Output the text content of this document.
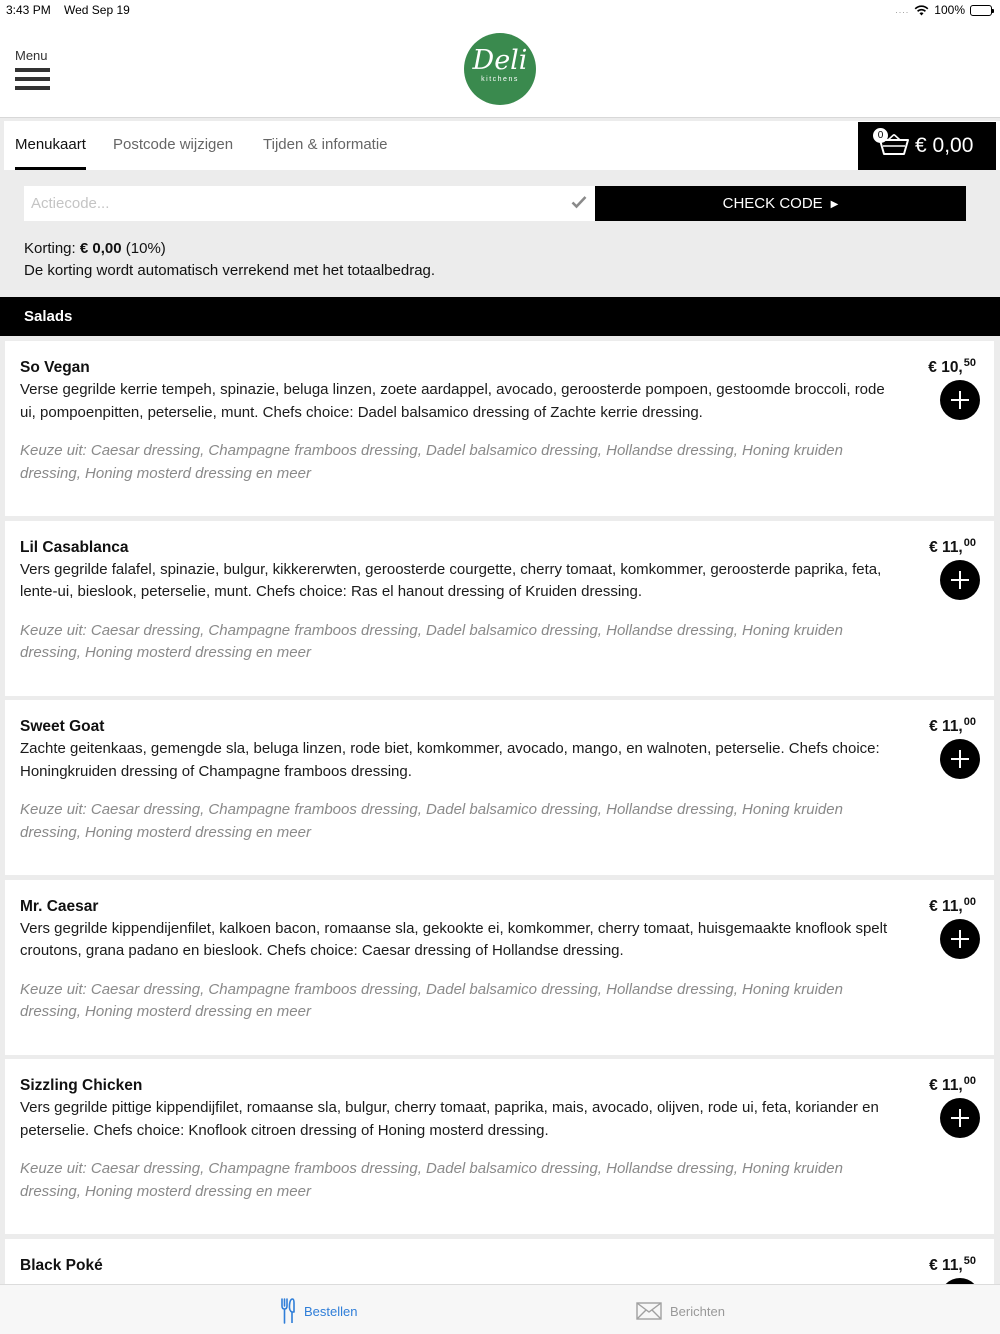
3:43 PM Wed Sep 19	.... 100%
Menu	Deli
kitchens
Menukaart Postcode wijzigen Tijden & informatie
0 € 0,00
Actiecode...
CHECK CODE ▶
Korting: € 0,00 (10%)
De korting wordt automatisch verrekend met het totaalbedrag.
Salads
So Vegan
Verse gegrilde kerrie tempeh, spinazie, beluga linzen, zoete aardappel, avocado, geroosterde pompoen, gestoomde broccoli, rode ui, pompoenpitten, peterselie, munt. Chefs choice: Dadel balsamico dressing of Zachte kerrie dressing.
Keuze uit: Caesar dressing, Champagne framboos dressing, Dadel balsamico dressing, Hollandse dressing, Honing kruiden dressing, Honing mosterd dressing en meer
€ 10,50
Lil Casablanca
Vers gegrilde falafel, spinazie, bulgur, kikkererwten, geroosterde courgette, cherry tomaat, komkommer, geroosterde paprika, feta, lente-ui, bieslook, peterselie, munt. Chefs choice: Ras el hanout dressing of Kruiden dressing.
Keuze uit: Caesar dressing, Champagne framboos dressing, Dadel balsamico dressing, Hollandse dressing, Honing kruiden dressing, Honing mosterd dressing en meer
€ 11,00
Sweet Goat
Zachte geitenkaas, gemengde sla, beluga linzen, rode biet, komkommer, avocado, mango, en walnoten, peterselie. Chefs choice: Honingkruiden dressing of Champagne framboos dressing.
Keuze uit: Caesar dressing, Champagne framboos dressing, Dadel balsamico dressing, Hollandse dressing, Honing kruiden dressing, Honing mosterd dressing en meer
€ 11,00
Mr. Caesar
Vers gegrilde kippendijenfilet, kalkoen bacon, romaanse sla, gekookte ei, komkommer, cherry tomaat, huisgemaakte knoflook spelt croutons, grana padano en bieslook. Chefs choice: Caesar dressing of Hollandse dressing.
Keuze uit: Caesar dressing, Champagne framboos dressing, Dadel balsamico dressing, Hollandse dressing, Honing kruiden dressing, Honing mosterd dressing en meer
€ 11,00
Sizzling Chicken
Vers gegrilde pittige kippendijfilet, romaanse sla, bulgur, cherry tomaat, paprika, mais, avocado, olijven, rode ui, feta, koriander en peterselie. Chefs choice: Knoflook citroen dressing of Honing mosterd dressing.
Keuze uit: Caesar dressing, Champagne framboos dressing, Dadel balsamico dressing, Hollandse dressing, Honing kruiden dressing, Honing mosterd dressing en meer
€ 11,00
Black Poké	€ 11,50
Bestellen	Berichten
